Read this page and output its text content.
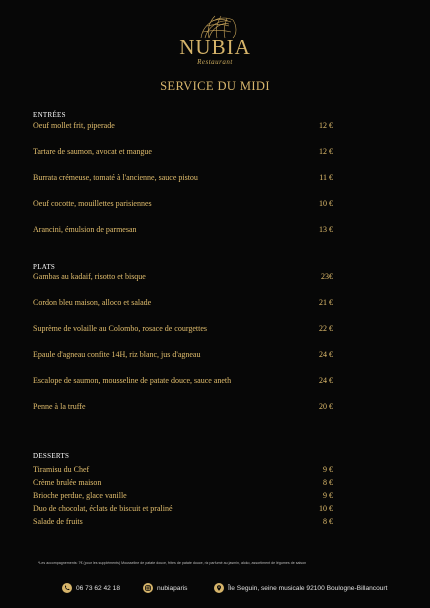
NUBIA
Restaurant
SERVICE DU MIDI
ENTRÉES
Oeuf mollet frit, piperade	12 €
Tartare de saumon, avocat et mangue	12 €
Burrata crémeuse, tomaté à l'ancienne, sauce pistou	11 €
Oeuf cocotte, mouillettes parisiennes	10 €
Arancini, émulsion de parmesan	13 €
PLATS
Gambas au kadaif, risotto et bisque	23€
Cordon bleu maison, alloco et salade	21 €
Suprème de volaille au Colombo, rosace de courgettes	22 €
Epaule d'agneau confite 14H, riz blanc, jus d'agneau	24 €
Escalope de saumon, mousseline de patate douce, sauce aneth	24 €
Penne à la truffe	20 €
DESSERTS
Tiramisu du Chef	9 €
Crème brulée maison	8 €
Brioche perdue, glace vanille	9 €
Duo de chocolat, éclats de biscuit et praliné	10 €
Salade de fruits	8 €
*Les accompagnements: 7€ (pour les suppléments) Mousseline de patate douce, frites de patate douce, riz parfumé au jasmin, aloko, assortiment de légumes de saison
06 73 62 42 18	nubiaparis	Île Seguin, seine musicale 92100 Boulogne-Billancourt
